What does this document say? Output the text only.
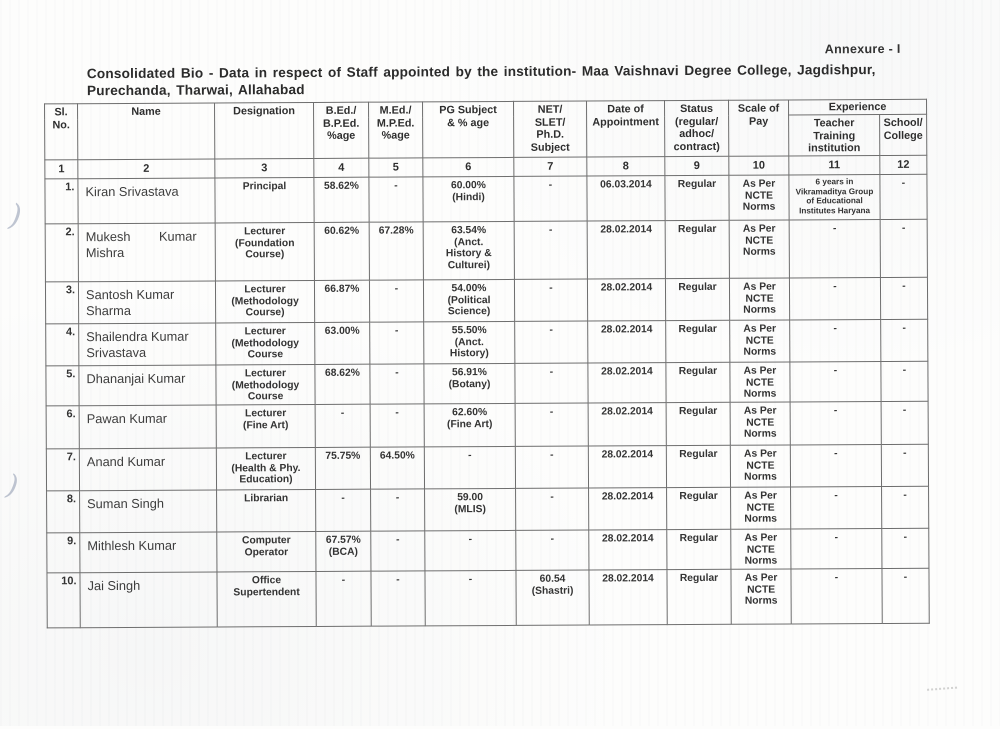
Annexure - I
Consolidated Bio - Data in respect of Staff appointed by the institution- Maa Vaishnavi Degree College, Jagdishpur,
Purechanda, Tharwai, Allahabad
Sl.
No.	Name	Designation	B.Ed./
B.P.Ed.
%age	M.Ed./
M.P.Ed.
%age	PG Subject
& % age	NET/
SLET/
Ph.D.
Subject	Date of
Appointment	Status
(regular/
adhoc/
contract)	Scale of
Pay	Experience	
										Teacher
Training
institution	School/
College
1	2	3	4	5	6	7	8	9	10	11	12
1.	Kiran Srivastava	Principal	58.62%	-	60.00%
(Hindi)	-	06.03.2014	Regular	As Per
NCTE
Norms	6 years in
Vikramaditya Group
of Educational
Institutes Haryana	-
2.	Mukesh        Kumar
Mishra	Lecturer
(Foundation
Course)	60.62%	67.28%	63.54%
(Anct.
History &
Culturei)	-	28.02.2014	Regular	As Per
NCTE
Norms	-	-
3.	Santosh Kumar
Sharma	Lecturer
(Methodology
Course)	66.87%	-	54.00%
(Political
Science)	-	28.02.2014	Regular	As Per
NCTE
Norms	-	-
4.	Shailendra Kumar
Srivastava	Lecturer
(Methodology
Course	63.00%	-	55.50%
(Anct.
History)	-	28.02.2014	Regular	As Per
NCTE
Norms	-	-
5.	Dhananjai Kumar	Lecturer
(Methodology
Course	68.62%	-	56.91%
(Botany)	-	28.02.2014	Regular	As Per
NCTE
Norms	-	-
6.	Pawan Kumar	Lecturer
(Fine Art)	-	-	62.60%
(Fine Art)	-	28.02.2014	Regular	As Per
NCTE
Norms	-	-
7.	Anand Kumar	Lecturer
(Health & Phy.
Education)	75.75%	64.50%	-	-	28.02.2014	Regular	As Per
NCTE
Norms	-	-
8.	Suman Singh	Librarian	-	-	59.00
(MLIS)	-	28.02.2014	Regular	As Per
NCTE
Norms	-	-
9.	Mithlesh Kumar	Computer
Operator	67.57%
(BCA)	-	-	-	28.02.2014	Regular	As Per
NCTE
Norms	-	-
10.	Jai Singh	Office
Supertendent	-	-	-	60.54
(Shastri)	28.02.2014	Regular	As Per
NCTE
Norms	-	-
)
)
